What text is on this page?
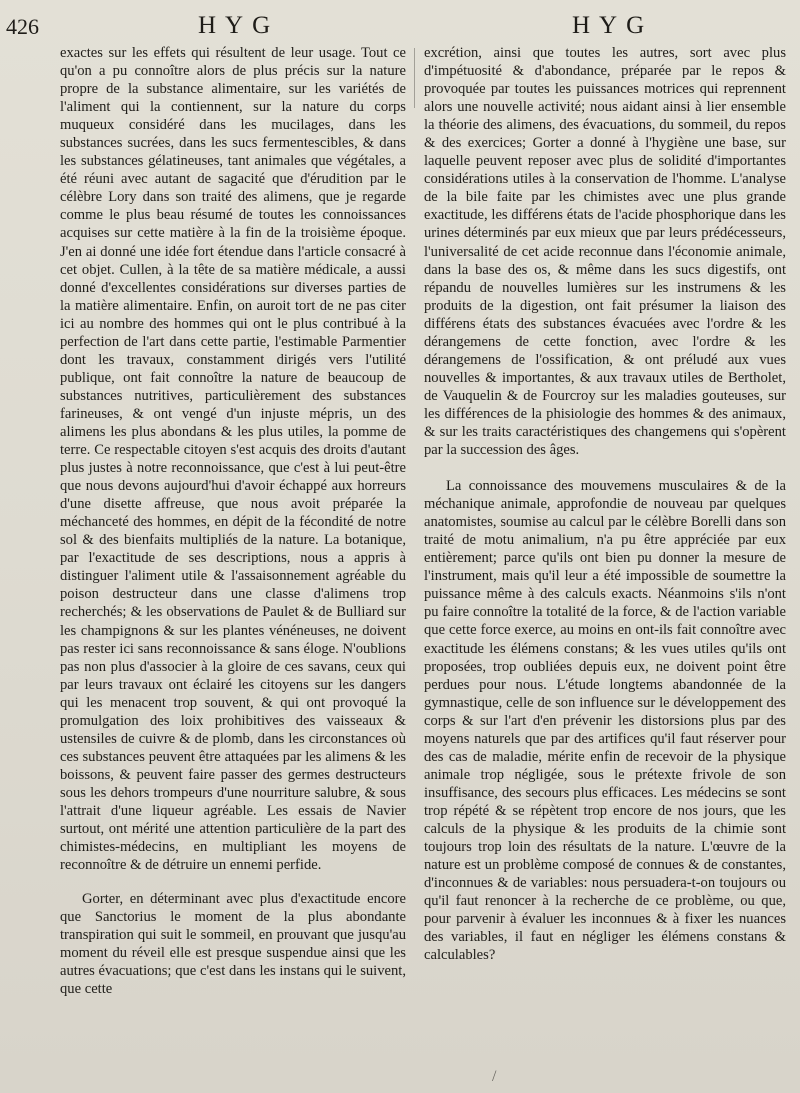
426	HYG	HYG

exactes sur les effets qui résultent de leur usage. Tout ce qu'on a pu connoître alors de plus précis sur la nature propre de la substance alimentaire, sur les variétés de l'aliment qui la contiennent, sur la nature du corps muqueux considéré dans les mucilages, dans les substances sucrées, dans les sucs fermentescibles, & dans les substances gélatineuses, tant animales que végétales, a été réuni avec autant de sagacité que d'érudition par le célèbre Lory dans son traité des alimens, que je regarde comme le plus beau résumé de toutes les connoissances acquises sur cette matière à la fin de la troisième époque. J'en ai donné une idée fort étendue dans l'article consacré à cet objet. Cullen, à la tête de sa matière médicale, a aussi donné d'excellentes considérations sur diverses parties de la matière alimentaire. Enfin, on auroit tort de ne pas citer ici au nombre des hommes qui ont le plus contribué à la perfection de l'art dans cette partie, l'estimable Parmentier dont les travaux, constamment dirigés vers l'utilité publique, ont fait connoître la nature de beaucoup de substances nutritives, particulièrement des substances farineuses, & ont vengé d'un injuste mépris, un des alimens les plus abondans & les plus utiles, la pomme de terre. Ce respectable citoyen s'est acquis des droits d'autant plus justes à notre reconnoissance, que c'est à lui peut-être que nous devons aujourd'hui d'avoir échappé aux horreurs d'une disette affreuse, que nous avoit préparée la méchanceté des hommes, en dépit de la fécondité de notre sol & des bienfaits multipliés de la nature. La botanique, par l'exactitude de ses descriptions, nous a appris à distinguer l'aliment utile & l'assaisonnement agréable du poison destructeur dans une classe d'alimens trop recherchés; & les observations de Paulet & de Bulliard sur les champignons & sur les plantes vénéneuses, ne doivent pas rester ici sans reconnoissance & sans éloge. N'oublions pas non plus d'associer à la gloire de ces savans, ceux qui par leurs travaux ont éclairé les citoyens sur les dangers qui les menacent trop souvent, & qui ont provoqué la promulgation des loix prohibitives des vaisseaux & ustensiles de cuivre & de plomb, dans les circonstances où ces substances peuvent être attaquées par les alimens & les boissons, & peuvent faire passer des germes destructeurs sous les dehors trompeurs d'une nourriture salubre, & sous l'attrait d'une liqueur agréable. Les essais de Navier surtout, ont mérité une attention particulière de la part des chimistes-médecins, en multipliant les moyens de reconnoître & de détruire un ennemi perfide.

Gorter, en déterminant avec plus d'exactitude encore que Sanctorius le moment de la plus abondante transpiration qui suit le sommeil, en prouvant que jusqu'au moment du réveil elle est presque suspendue ainsi que les autres évacuations; que c'est dans les instans qui le suivent, que cette

excrétion, ainsi que toutes les autres, sort avec plus d'impétuosité & d'abondance, préparée par le repos & provoquée par toutes les puissances motrices qui reprennent alors une nouvelle activité; nous aidant ainsi à lier ensemble la théorie des alimens, des évacuations, du sommeil, du repos & des exercices; Gorter a donné à l'hygiène une base, sur laquelle peuvent reposer avec plus de solidité d'importantes considérations utiles à la conservation de l'homme. L'analyse de la bile faite par les chimistes avec une plus grande exactitude, les différens états de l'acide phosphorique dans les urines déterminés par eux mieux que par leurs prédécesseurs, l'universalité de cet acide reconnue dans l'économie animale, dans la base des os, & même dans les sucs digestifs, ont répandu de nouvelles lumières sur les instrumens & les produits de la digestion, ont fait présumer la liaison des différens états des substances évacuées avec l'ordre & les dérangemens de cette fonction, avec l'ordre & les dérangemens de l'ossification, & ont préludé aux vues nouvelles & importantes, & aux travaux utiles de Bertholet, de Vauquelin & de Fourcroy sur les maladies gouteuses, sur les différences de la phisiologie des hommes & des animaux, & sur les traits caractéristiques des changemens qui s'opèrent par la succession des âges.

La connoissance des mouvemens musculaires & de la méchanique animale, approfondie de nouveau par quelques anatomistes, soumise au calcul par le célèbre Borelli dans son traité de motu animalium, n'a pu être appréciée par eux entièrement; parce qu'ils ont bien pu donner la mesure de l'instrument, mais qu'il leur a été impossible de soumettre la puissance même à des calculs exacts. Néanmoins s'ils n'ont pu faire connoître la totalité de la force, & de l'action variable que cette force exerce, au moins en ont-ils fait connoître avec exactitude les élémens constans; & les vues utiles qu'ils ont proposées, trop oubliées depuis eux, ne doivent point être perdues pour nous. L'étude longtems abandonnée de la gymnastique, celle de son influence sur le développement des corps & sur l'art d'en prévenir les distorsions plus par des moyens naturels que par des artifices qu'il faut réserver pour des cas de maladie, mérite enfin de recevoir de la physique animale trop négligée, sous le prétexte frivole de son insuffisance, des secours plus efficaces. Les médecins se sont trop répété & se répètent trop encore de nos jours, que les calculs de la physique & les produits de la chimie sont toujours trop loin des résultats de la nature. L'œuvre de la nature est un problème composé de connues & de constantes, d'inconnues & de variables: nous persuadera-t-on toujours ou qu'il faut renoncer à la recherche de ce problème, ou que, pour parvenir à évaluer les inconnues & à fixer les nuances des variables, il faut en négliger les élémens constans & calculables?

/
